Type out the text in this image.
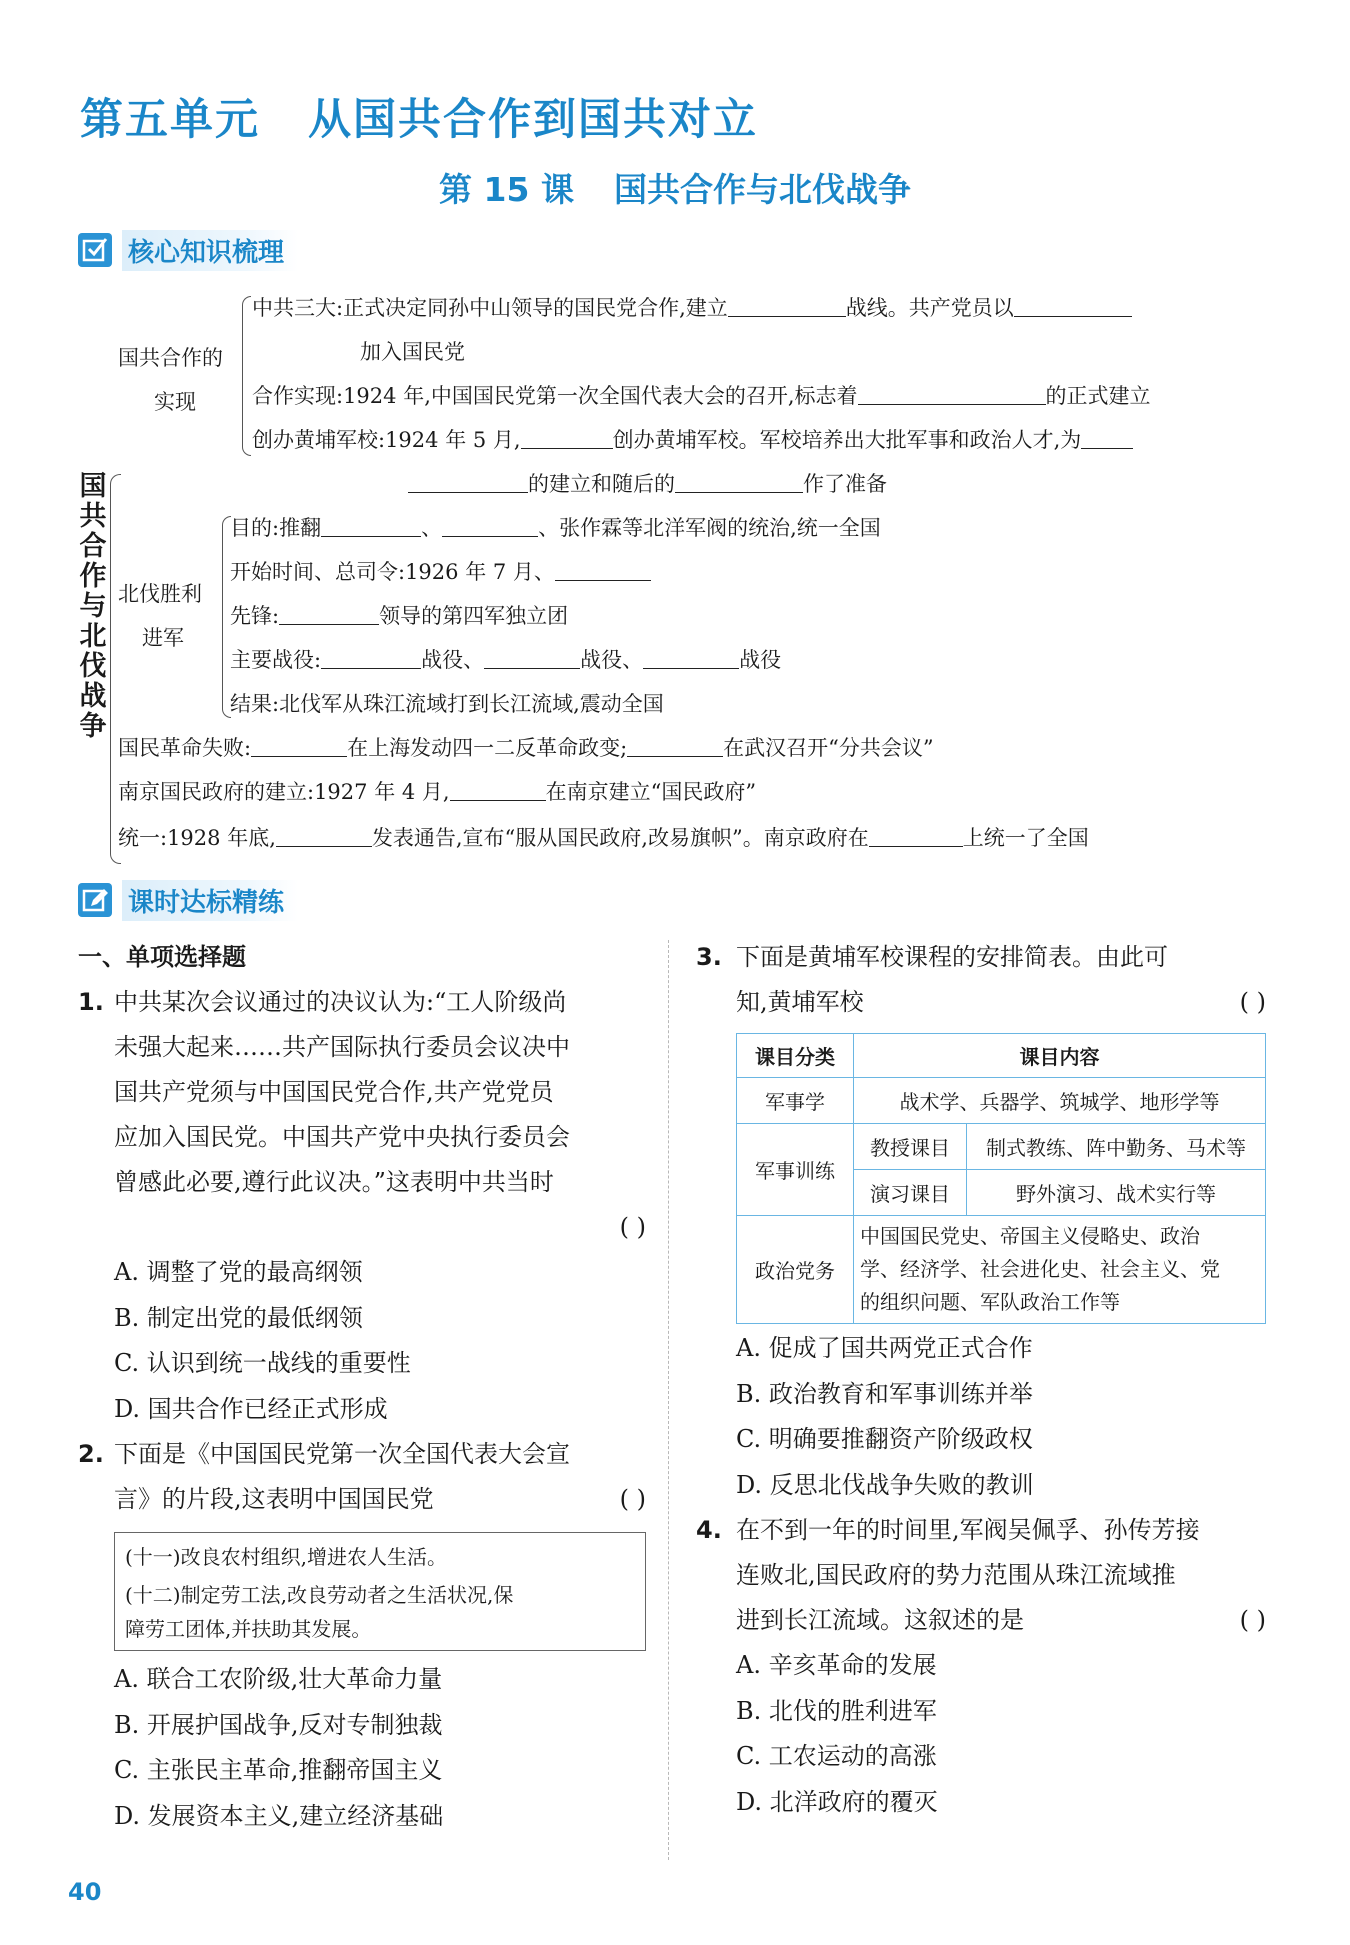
第五单元 从国共合作到国共对立
第 15 课 国共合作与北伐战争
核心知识梳理
国共合作与北伐战争
国共合作的
实现
中共三大:正式决定同孙中山领导的国民党合作,建立	战线。共产党员以
加入国民党
合作实现:1924 年,中国国民党第一次全国代表大会的召开,标志着	的正式建立
创办黄埔军校:1924 年 5 月,	创办黄埔军校。军校培养出大批军事和政治人才,为
的建立和随后的	作了准备
北伐胜利
进军
目的:推翻	、	、张作霖等北洋军阀的统治,统一全国
开始时间、总司令:1926 年 7 月、
先锋:	领导的第四军独立团
主要战役:	战役、	战役、	战役
结果:北伐军从珠江流域打到长江流域,震动全国
国民革命失败:	在上海发动四一二反革命政变;	在武汉召开“分共会议”
南京国民政府的建立:1927 年 4 月,	在南京建立“国民政府”
统一:1928 年底,	发表通告,宣布“服从国民政府,改易旗帜”。南京政府在	上统一了全国
课时达标精练
一、单项选择题
1. 中共某次会议通过的决议认为:“工人阶级尚
未强大起来……共产国际执行委员会议决中
国共产党须与中国国民党合作,共产党党员
应加入国民党。中国共产党中央执行委员会
曾感此必要,遵行此议决。”这表明中共当时
( )
A. 调整了党的最高纲领
B. 制定出党的最低纲领
C. 认识到统一战线的重要性
D. 国共合作已经正式形成
2. 下面是《中国国民党第一次全国代表大会宣
言》的片段,这表明中国国民党	( )
(十一)改良农村组织,增进农人生活。
(十二)制定劳工法,改良劳动者之生活状况,保
障劳工团体,并扶助其发展。
A. 联合工农阶级,壮大革命力量
B. 开展护国战争,反对专制独裁
C. 主张民主革命,推翻帝国主义
D. 发展资本主义,建立经济基础
3. 下面是黄埔军校课程的安排简表。由此可
知,黄埔军校	( )
课目分类	课目内容	
军事学	战术学、兵器学、筑城学、地形学等	
军事训练	教授课目	制式教练、阵中勤务、马术等
	演习课目	野外演习、战术实行等
政治党务	中国国民党史、帝国主义侵略史、政治
学、经济学、社会进化史、社会主义、党
的组织问题、军队政治工作等	
A. 促成了国共两党正式合作
B. 政治教育和军事训练并举
C. 明确要推翻资产阶级政权
D. 反思北伐战争失败的教训
4. 在不到一年的时间里,军阀吴佩孚、孙传芳接
连败北,国民政府的势力范围从珠江流域推
进到长江流域。这叙述的是	( )
A. 辛亥革命的发展
B. 北伐的胜利进军
C. 工农运动的高涨
D. 北洋政府的覆灭
40
